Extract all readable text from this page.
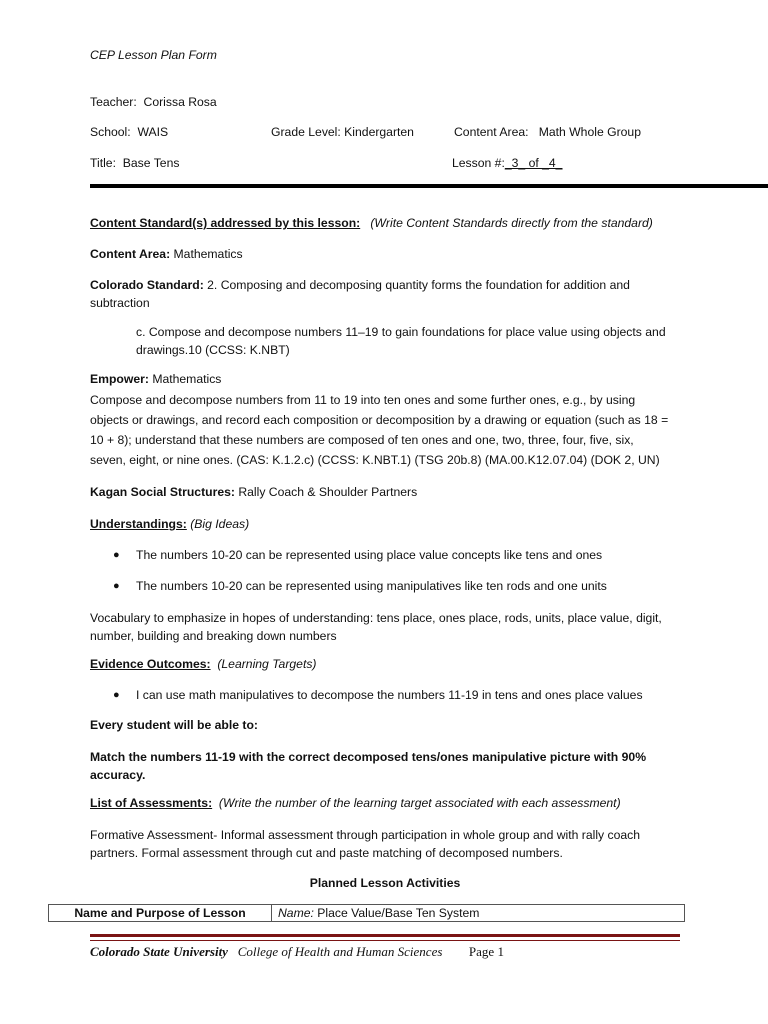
CEP Lesson Plan Form
Teacher: Corissa Rosa
School: WAIS	Grade Level: Kindergarten	Content Area: Math Whole Group
Title: Base Tens	Lesson #:_3_ of _4_
Content Standard(s) addressed by this lesson: (Write Content Standards directly from the standard)
Content Area: Mathematics
Colorado Standard: 2. Composing and decomposing quantity forms the foundation for addition and subtraction
c. Compose and decompose numbers 11–19 to gain foundations for place value using objects and drawings.10 (CCSS: K.NBT)
Empower: Mathematics
Compose and decompose numbers from 11 to 19 into ten ones and some further ones, e.g., by using objects or drawings, and record each composition or decomposition by a drawing or equation (such as 18 = 10 + 8); understand that these numbers are composed of ten ones and one, two, three, four, five, six, seven, eight, or nine ones. (CAS: K.1.2.c) (CCSS: K.NBT.1) (TSG 20b.8) (MA.00.K12.07.04) (DOK 2, UN)
Kagan Social Structures: Rally Coach & Shoulder Partners
Understandings: (Big Ideas)
● The numbers 10-20 can be represented using place value concepts like tens and ones
● The numbers 10-20 can be represented using manipulatives like ten rods and one units
Vocabulary to emphasize in hopes of understanding: tens place, ones place, rods, units, place value, digit, number, building and breaking down numbers
Evidence Outcomes: (Learning Targets)
● I can use math manipulatives to decompose the numbers 11-19 in tens and ones place values
Every student will be able to:
Match the numbers 11-19 with the correct decomposed tens/ones manipulative picture with 90% accuracy.
List of Assessments: (Write the number of the learning target associated with each assessment)
Formative Assessment- Informal assessment through participation in whole group and with rally coach partners. Formal assessment through cut and paste matching of decomposed numbers.
Planned Lesson Activities
Name and Purpose of Lesson	Name: Place Value/Base Ten System
Colorado State University College of Health and Human Sciences Page 1
